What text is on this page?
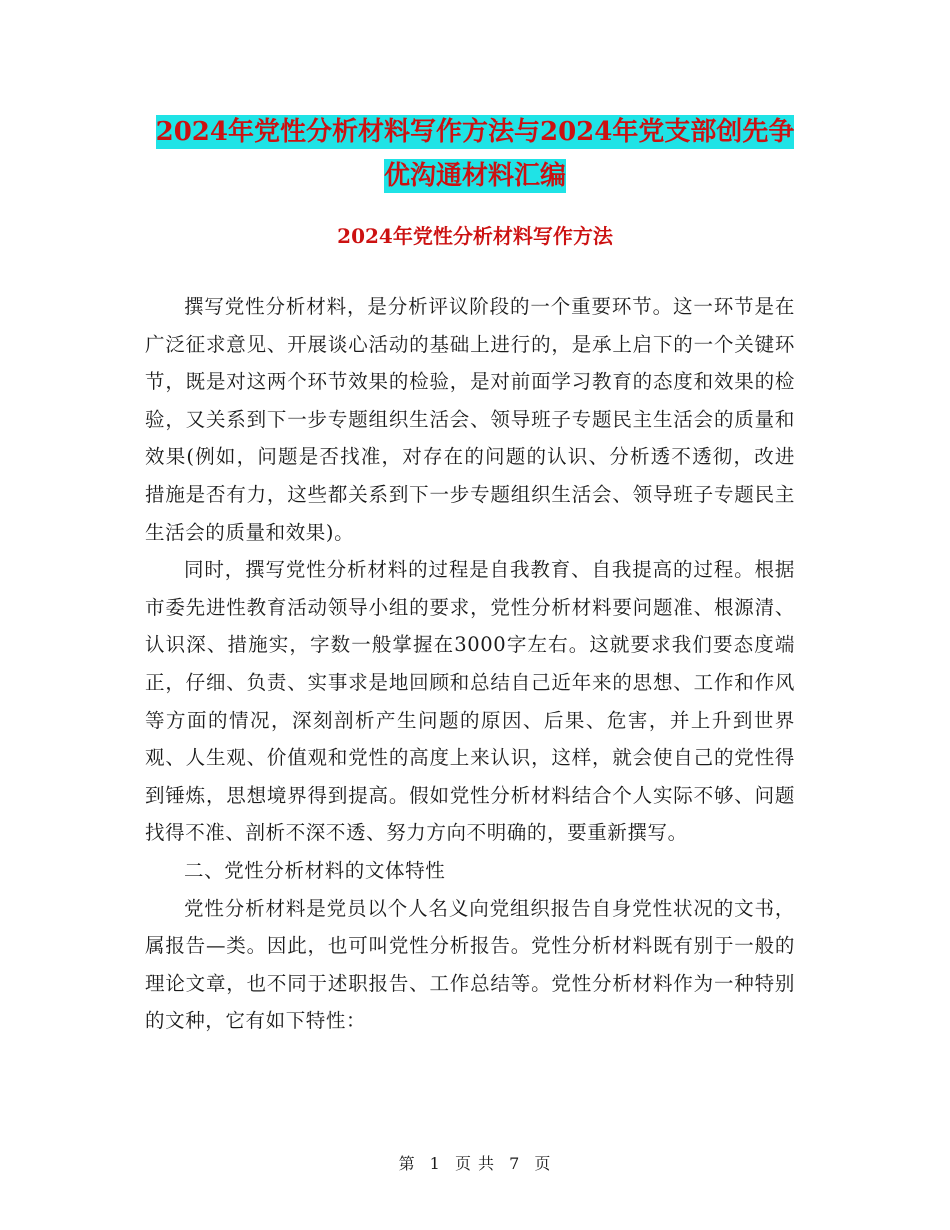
2024年党性分析材料写作方法与2024年党支部创先争
优沟通材料汇编
2024年党性分析材料写作方法

撰写党性分析材料，是分析评议阶段的一个重要环节。这一环节是在广泛征求意见、开展谈心活动的基础上进行的，是承上启下的一个关键环节，既是对这两个环节效果的检验，是对前面学习教育的态度和效果的检验，又关系到下一步专题组织生活会、领导班子专题民主生活会的质量和效果(例如，问题是否找准，对存在的问题的认识、分析透不透彻，改进措施是否有力，这些都关系到下一步专题组织生活会、领导班子专题民主生活会的质量和效果)。

同时，撰写党性分析材料的过程是自我教育、自我提高的过程。根据市委先进性教育活动领导小组的要求，党性分析材料要问题准、根源清、认识深、措施实，字数一般掌握在3000字左右。这就要求我们要态度端正，仔细、负责、实事求是地回顾和总结自己近年来的思想、工作和作风等方面的情况，深刻剖析产生问题的原因、后果、危害，并上升到世界观、人生观、价值观和党性的高度上来认识，这样，就会使自己的党性得到锤炼，思想境界得到提高。假如党性分析材料结合个人实际不够、问题找得不准、剖析不深不透、努力方向不明确的，要重新撰写。

二、党性分析材料的文体特性

党性分析材料是党员以个人名义向党组织报告自身党性状况的文书，属报告—类。因此，也可叫党性分析报告。党性分析材料既有别于一般的理论文章，也不同于述职报告、工作总结等。党性分析材料作为一种特别的文种，它有如下特性：

第 1 页 共 7 页
